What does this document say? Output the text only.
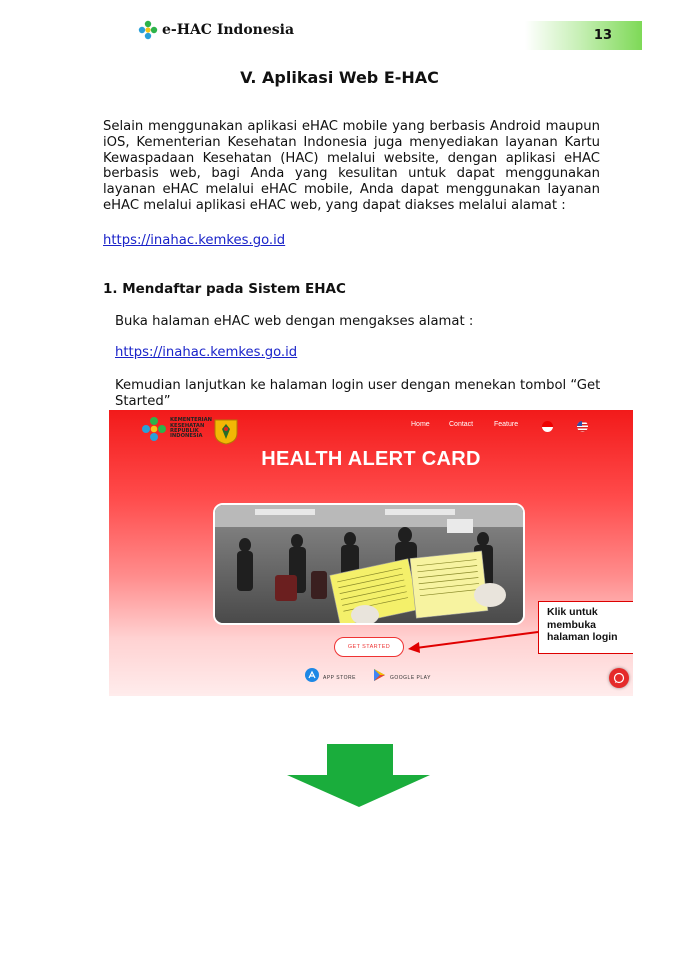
e-HAC Indonesia	13
V. Aplikasi Web E-HAC
Selain menggunakan aplikasi eHAC mobile yang berbasis Android maupun iOS, Kementerian Kesehatan Indonesia juga menyediakan layanan Kartu Kewaspadaan Kesehatan (HAC) melalui website, dengan aplikasi eHAC berbasis web, bagi Anda yang kesulitan untuk dapat menggunakan layanan eHAC melalui eHAC mobile, Anda dapat menggunakan layanan eHAC melalui aplikasi eHAC web, yang dapat diakses melalui alamat :
https://inahac.kemkes.go.id
1. Mendaftar pada Sistem EHAC
Buka halaman eHAC web dengan mengakses alamat :
https://inahac.kemkes.go.id
Kemudian lanjutkan ke halaman login user dengan menekan tombol “Get Started”
KEMENTERIAN KESEHATAN REPUBLIK INDONESIA
Home	Contact	Feature
HEALTH ALERT CARD
GET STARTED
Klik untuk membuka halaman login
APP STORE	GOOGLE PLAY
